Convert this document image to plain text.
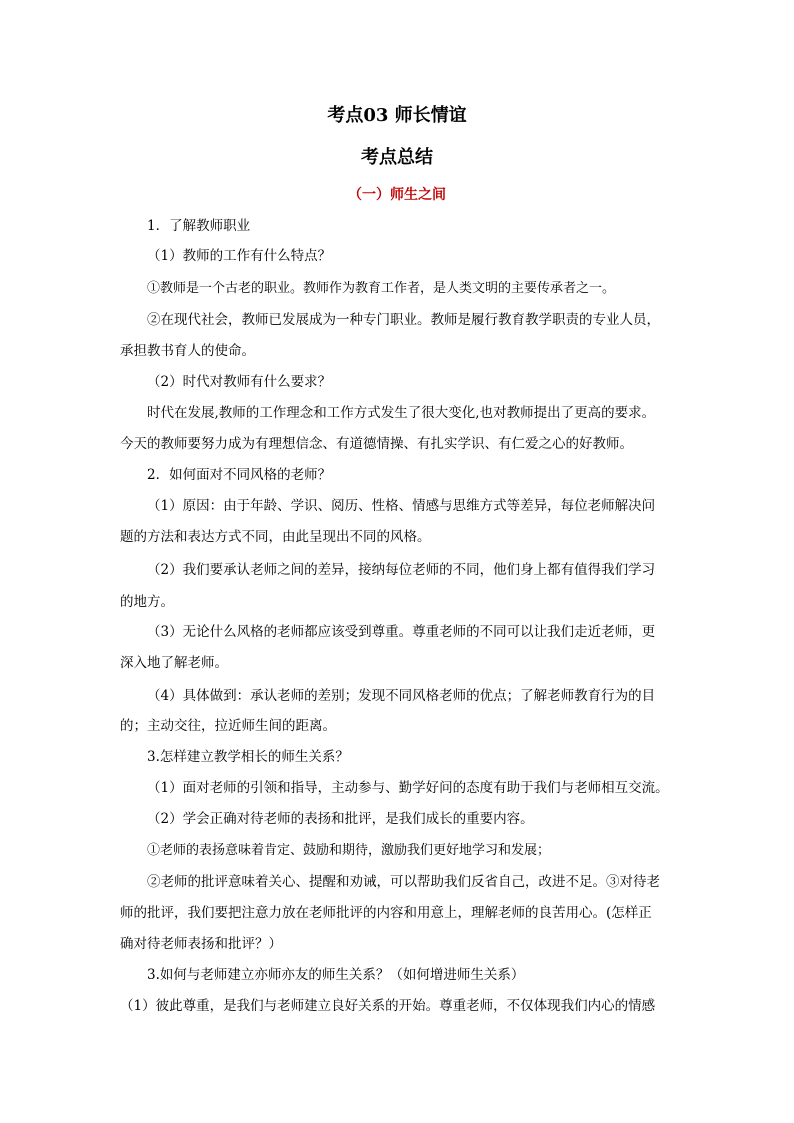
考点03 师长情谊
考点总结
（一）师生之间
1．了解教师职业
（1）教师的工作有什么特点？
①教师是一个古老的职业。教师作为教育工作者，是人类文明的主要传承者之一。
②在现代社会，教师已发展成为一种专门职业。教师是履行教育教学职责的专业人员，
承担教书育人的使命。
（2）时代对教师有什么要求？
时代在发展,教师的工作理念和工作方式发生了很大变化,也对教师提出了更高的要求。
今天的教师要努力成为有理想信念、有道德情操、有扎实学识、有仁爱之心的好教师。
2．如何面对不同风格的老师？
（1）原因：由于年龄、学识、阅历、性格、情感与思维方式等差异，每位老师解决问
题的方法和表达方式不同，由此呈现出不同的风格。
（2）我们要承认老师之间的差异，接纳每位老师的不同，他们身上都有值得我们学习
的地方。
（3）无论什么风格的老师都应该受到尊重。尊重老师的不同可以让我们走近老师，更
深入地了解老师。
（4）具体做到：承认老师的差别；发现不同风格老师的优点；了解老师教育行为的目
的；主动交往，拉近师生间的距离。
3.怎样建立教学相长的师生关系？
（1）面对老师的引领和指导，主动参与、勤学好问的态度有助于我们与老师相互交流。
（2）学会正确对待老师的表扬和批评，是我们成长的重要内容。
①老师的表扬意味着肯定、鼓励和期待，激励我们更好地学习和发展；
②老师的批评意味着关心、提醒和劝诫，可以帮助我们反省自己，改进不足。③对待老
师的批评，我们要把注意力放在老师批评的内容和用意上，理解老师的良苦用心。(怎样正
确对待老师表扬和批评？）
3.如何与老师建立亦师亦友的师生关系？（如何增进师生关系）
（1）彼此尊重，是我们与老师建立良好关系的开始。尊重老师，不仅体现我们内心的情感
